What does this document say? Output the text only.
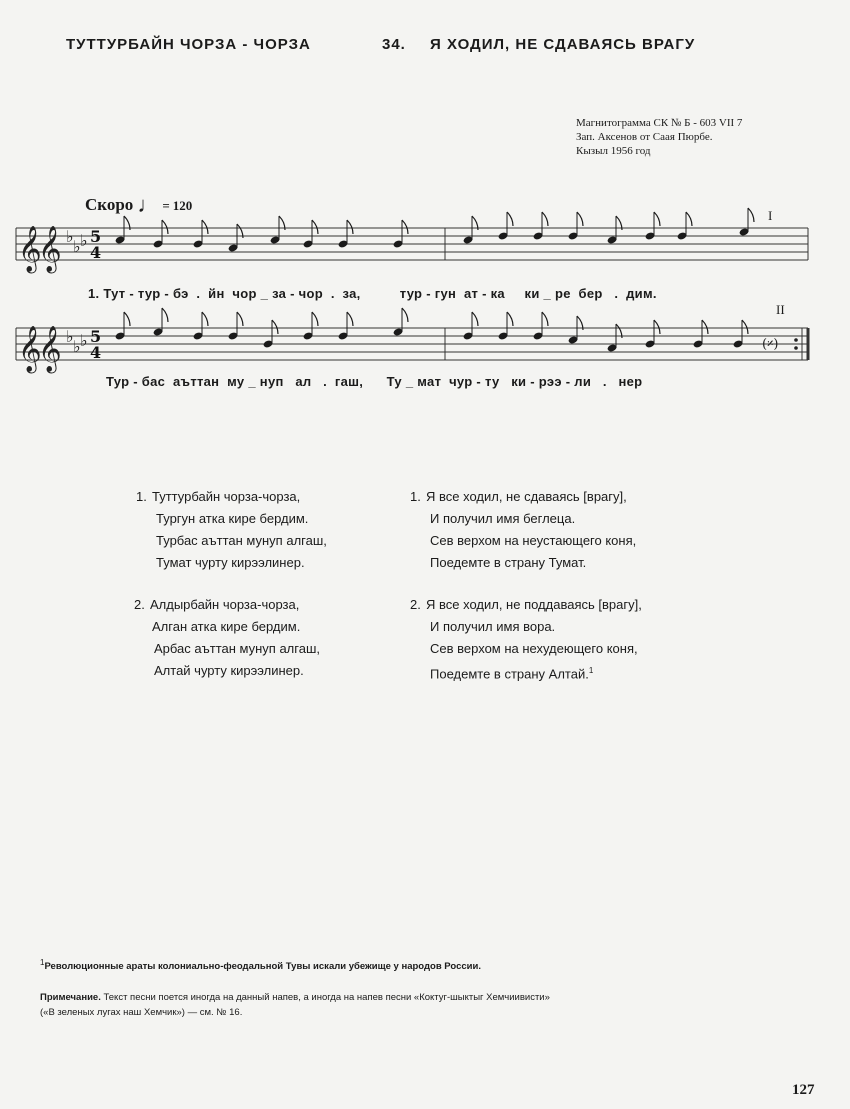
ТУТТУРБАЙН ЧОРЗА - ЧОРЗА	34. Я ХОДИЛ, НЕ СДАВАЯСЬ ВРАГУ
Магнитограмма СК № Б - 603 VII 7
Зап. Аксенов от Саая Пюрбе.
Кызыл 1956 год
Скоро ♩ = 120
I
II
𝄞
𝄞
𝄞
𝄞
♭
♭ ♭
♭
♭ ♭
5
4
5
4	(𝄎)
1. Тут - тур - бэ  .  йн  чор _ за - чор  .  за,          тур - гун  ат - ка     ки _ ре  бер   .  дим.
Тур - бас  аъттан  му _ нуп   ал   .  гаш,      Ту _ мат  чур - ту   ки - рээ - ли   .   нер
1. Туттурбайн чорза-чорза,
Тургун атка кире бердим.
Турбас аъттан мунуп алгаш,
Тумат чурту кирээлинер.
2. Алдырбайн чорза-чорза,
Алган атка кире бердим.
Арбас аъттан мунуп алгаш,
Алтай чурту кирээлинер.
1. Я все ходил, не сдаваясь [врагу],
И получил имя беглеца.
Сев верхом на неустающего коня,
Поедемте в страну Тумат.
2. Я все ходил, не поддаваясь [врагу],
И получил имя вора.
Сев верхом на нехудеющего коня,
Поедемте в страну Алтай.$^1$
$^1$Революционные араты колониально-феодальной Тувы искали убежище у народов России.
Примечание. Текст песни поется иногда на данный напев, а иногда на напев песни «Коктуг-шыктыг Хемчиивисти»
(«В зеленых лугах наш Хемчик») — см. № 16.
127
